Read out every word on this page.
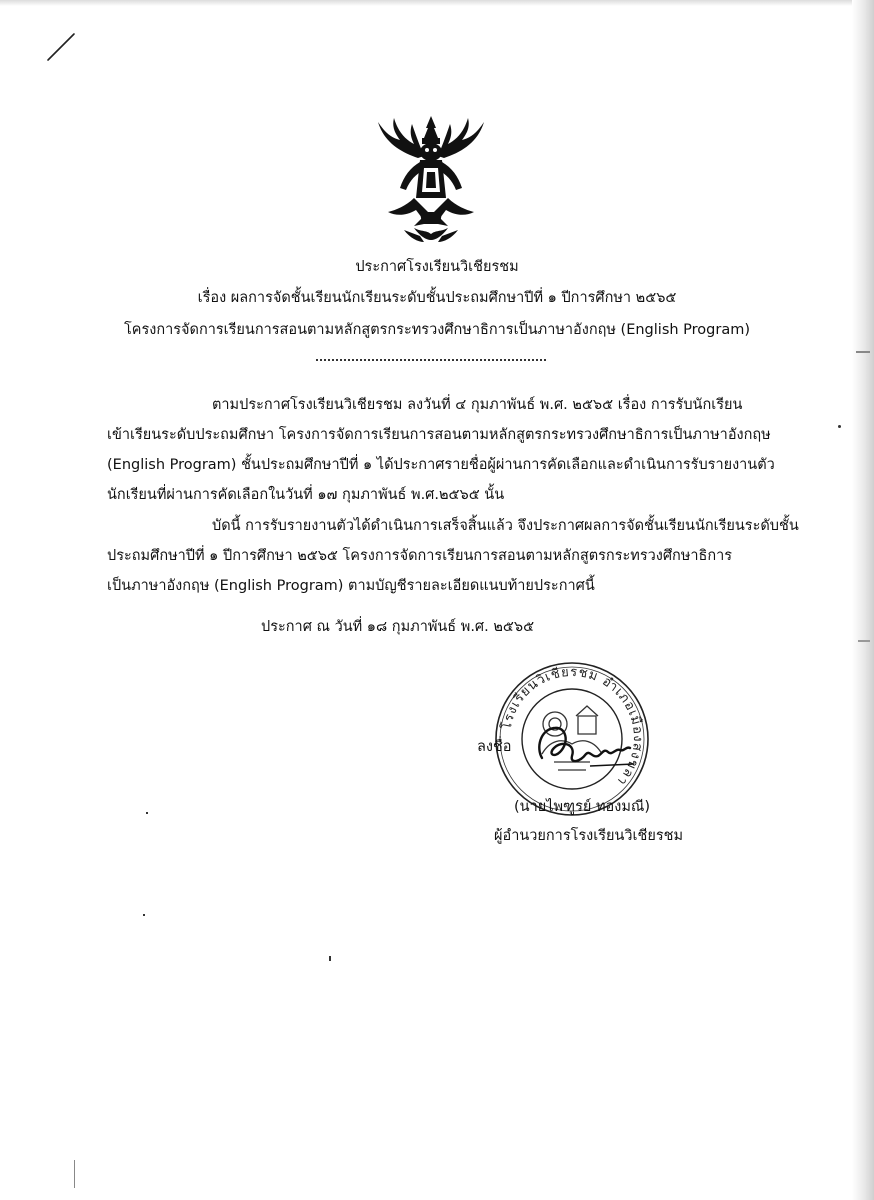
ประกาศโรงเรียนวิเชียรชม
เรื่อง ผลการจัดชั้นเรียนนักเรียนระดับชั้นประถมศึกษาปีที่ ๑ ปีการศึกษา ๒๕๖๕
โครงการจัดการเรียนการสอนตามหลักสูตรกระทรวงศึกษาธิการเป็นภาษาอังกฤษ (English Program)
ตามประกาศโรงเรียนวิเชียรชม ลงวันที่ ๔ กุมภาพันธ์ พ.ศ. ๒๕๖๕ เรื่อง การรับนักเรียน
เข้าเรียนระดับประถมศึกษา โครงการจัดการเรียนการสอนตามหลักสูตรกระทรวงศึกษาธิการเป็นภาษาอังกฤษ
(English Program) ชั้นประถมศึกษาปีที่ ๑ ได้ประกาศรายชื่อผู้ผ่านการคัดเลือกและดำเนินการรับรายงานตัว
นักเรียนที่ผ่านการคัดเลือกในวันที่ ๑๗ กุมภาพันธ์ พ.ศ.๒๕๖๕ นั้น
บัดนี้ การรับรายงานตัวได้ดำเนินการเสร็จสิ้นแล้ว จึงประกาศผลการจัดชั้นเรียนนักเรียนระดับชั้น
ประถมศึกษาปีที่ ๑ ปีการศึกษา ๒๕๖๕ โครงการจัดการเรียนการสอนตามหลักสูตรกระทรวงศึกษาธิการ
เป็นภาษาอังกฤษ (English Program) ตามบัญชีรายละเอียดแนบท้ายประกาศนี้
ประกาศ ณ วันที่ ๑๘ กุมภาพันธ์ พ.ศ. ๒๕๖๕
โรงเรียนวิเชียรชม อำเภอเมืองสงขลา
ลงชื่อ
(นายไพฑูรย์ ทองมณี)
ผู้อำนวยการโรงเรียนวิเชียรชม
